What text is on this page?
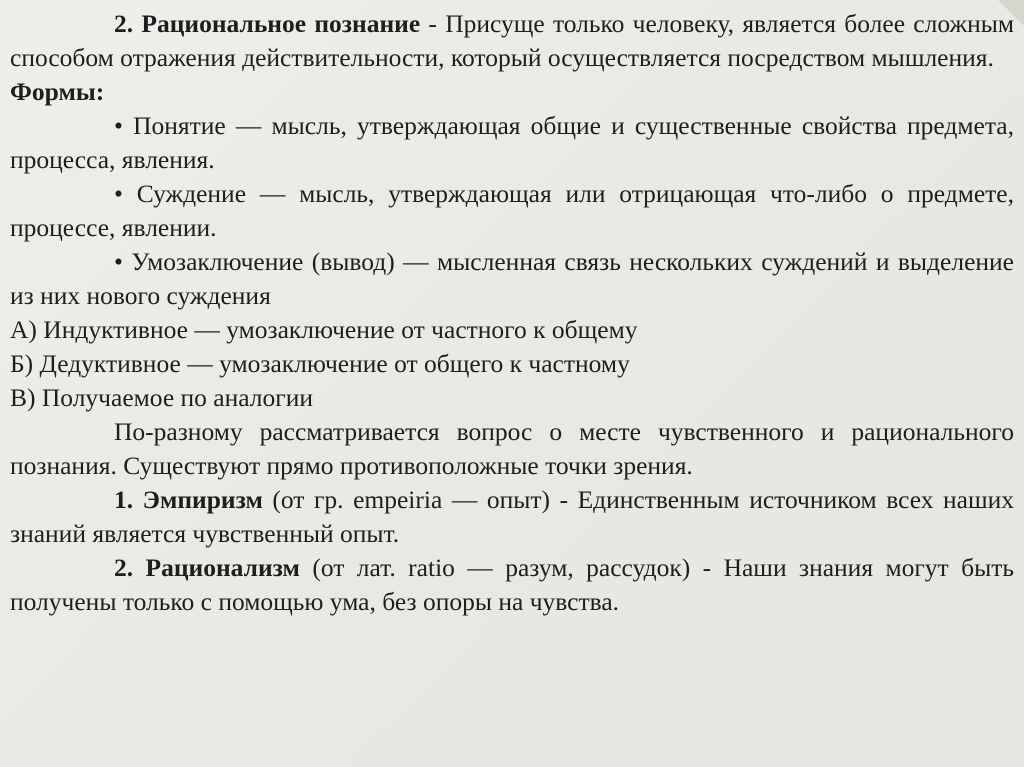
2. Рациональное познание - Присуще только человеку, является более сложным способом отражения действительности, который осуществляется посредством мышления.

Формы:

• Понятие — мысль, утверждающая общие и существенные свойства предмета, процесса, явления.

• Суждение — мысль, утверждающая или отрицающая что-либо о предмете, процессе, явлении.

• Умозаключение (вывод) — мысленная связь нескольких суждений и выделение из них нового суждения

А) Индуктивное — умозаключение от частного к общему

Б) Дедуктивное — умозаключение от общего к частному

В) Получаемое по аналогии

По-разному рассматривается вопрос о месте чувственного и рационального познания. Существуют прямо противоположные точки зрения.

1. Эмпиризм (от гр. empeiria — опыт) - Единственным источником всех наших знаний является чувственный опыт.

2. Рационализм (от лат. ratio — разум, рассудок) - Наши знания могут быть получены только с помощью ума, без опоры на чувства.
